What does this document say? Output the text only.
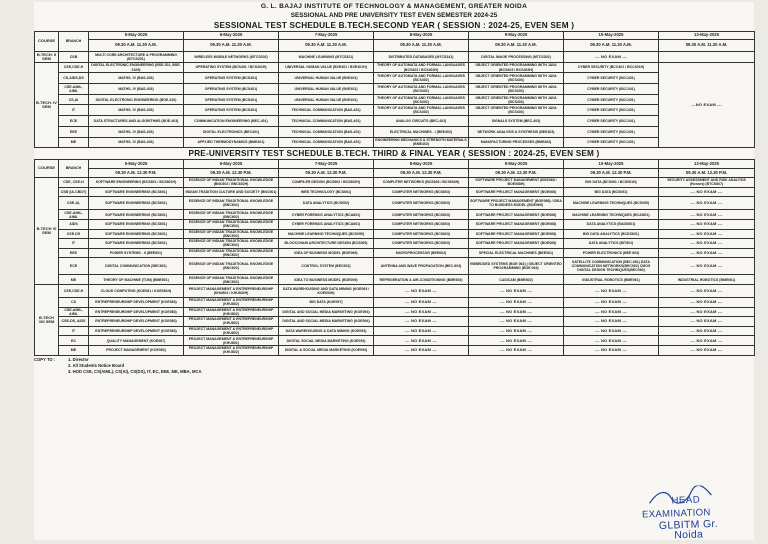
G. L. BAJAJ INSTITUTE OF TECHNOLOGY & MANAGEMENT, GREATER NOIDA
SESSIONAL AND PRE UNIVERSITY TEST EVEN SEMESTER 2024-25
SESSIONAL TEST SCHEDULE B.TECH.SECOND YEAR ( SESSION : 2024-25, EVEN SEM )
COURSE	BRANCH	5-May-2025	6-May-2025	7-May-2025	8-May-2025	9-May-2025	10-May-2025	13-May-2025
		09.30 A.M. 11.30 A.M.	09.30 A.M. 11.30 A.M.	09.30 A.M. 11.30 A.M.	09.30 A.M. 11.30 A.M.	09.30 A.M. 11.30 A.M.	09.30 A.M. 11.30 A.M.	09.30 A.M. 11.30 A.M.
B.TECH. II SEM	CSB	MULTI CORE ARCHITECTURE & PROGRAMMING (BTCS201)	WIRELESS MOBILE NETWORKS (MTCS202)	MACHINE LEARNING (MTCS321)	DISTRIBUTED DATABASES (MTCS341)	DIGITAL IMAGE PROCESSING (MTCS302)	--- NO EXAM ---	
B.TECH. IV SEM	CSE,CSE-H	DIGITAL ELECTRONIC ENGINEERING (BSE-201, BSE-2109)	OPERATING SYSTEM (BCS401 / BCS401H)	UNIVERSAL HUMAN VALUE (BVE401 / BVE401H)	THEORY OF AUTOMATA AND FORMAL LANGUAGES (BCS402 / BCS402H)	OBJECT ORIENTED PROGRAMMING WITH JAVA (BCS403 / BCS403H)	CYBER SECURITY (BCC401 / BCC401H)	---NO EXAM ---
	CS,AIDS,DS	MATHS- IV (BAS-403)	OPERATING SYSTEM (BCS401)	UNIVERSAL HUMAN VALUE (BVE401)	THEORY OF AUTOMATA AND FORMAL LANGUAGES (BCS402)	OBJECT ORIENTED PROGRAMMING WITH JAVA (BCS403)	CYBER SECURITY (BCC401)	
	CSE-AIML, AIML	MATHS- IV (BAS-403)	OPERATING SYSTEM (BCS401)	UNIVERSAL HUMAN VALUE (BVE401)	THEORY OF AUTOMATA AND FORMAL LANGUAGES (BCS402)	OBJECT ORIENTED PROGRAMMING WITH JAVA (BCS403)	CYBER SECURITY (BCC401)	
	CS,AI	DIGITAL ELECTRONIC ENGINEERING (BOE-310)	OPERATING SYSTEM (BCS401)	UNIVERSAL HUMAN VALUE (BVE401)	THEORY OF AUTOMATA AND FORMAL LANGUAGES (BCS402)	OBJECT ORIENTED PROGRAMMING WITH JAVA (BCS403)	CYBER SECURITY (BCC401)	
	IT	MATHS- IV (BAS-403)	OPERATING SYSTEM (BCS401)	TECHNICAL COMMUNICATION (BAS-401)	THEORY OF AUTOMATA AND FORMAL LANGUAGES (BCS402)	OBJECT ORIENTED PROGRAMMING WITH JAVA (BCS403)	CYBER SECURITY (BCC401)	
	ECE	DATA STRUCTURES AND ALGORITHMS (BOE-403)	COMMUNICATION ENGINEERING (BEC-401)	TECHNICAL COMMUNICATION (BAS-401)	ANALOG CIRCUITS (BEC-402)	SIGNALS SYSTEM (BEC-403)	CYBER SECURITY (BCC401)	
	EEE	MATHS- IV (BAS-403)	DIGITAL ELECTRONICS (BEC401)	TECHNICAL COMMUNICATION (BAS-401)	ELECTRICAL MACHINES - I (BEE402)	NETWORK ANALYSIS & SYNTHESIS (BEE403)	CYBER SECURITY (BCC401)	
	ME	MATHS- IV (BAS-403)	APPLIED THERMODYNAMICS (BME401)	TECHNICAL COMMUNICATION (BAS-401)	ENGINEERING MECHANICS & STRENGTH MATERIALS (BME402)	MANUFACTURING PROCESSES (BME403)	CYBER SECURITY (BCC401)	
PRE-UNIVERSITY TEST SCHEDULE B.TECH. THIRD & FINAL YEAR ( SESSION : 2024-25, EVEN SEM )
COURSE	BRANCH	5-May-2025	6-May-2025	7-May-2025	8-May-2025	9-May-2025	10-May-2025	13-May-2025
		09.30 A.M. 12.30 P.M.	09.30 A.M. 12.30 P.M.	09.30 A.M. 12.30 P.M.	09.30 A.M. 12.30 P.M.	09.30 A.M. 12.30 P.M.	09.30 A.M. 12.30 P.M.	09.30 A.M. 12.30 P.M.
B.TECH VI SEM	CSE, CSE-H	SOFTWARE ENGINEERING (BCS601 / BCS601H)	ESSENCE OF INDIAN TRADITIONAL KNOWLEDGE (BNC602 / BNC602H)	COMPILER DESIGN (BCS602 / BCS602H)	COMPUTER NETWORKS (BCS603 / BCS603H)	SOFTWARE PROJECT MANAGEMENT (BOE068 / BOE068H)	BIG DATA (BCS061 / BCS061H)	SECURITY ASSESSMENT AND RISK ANALYSIS (Honors) (BTCS607)
	CSB (IA-CBDT)	SOFTWARE ENGINEERING (BCS601)	INDIAN TRADITION CULTURE AND SOCIETY (BNC601)	WEB TECHNOLOGY (BCS601)	COMPUTER NETWORKS (BCS603)	SOFTWARE PROJECT MANAGEMENT (BOE068)	BIG DATA (BCS061)	--- NO EXAM ---
	CSE-AI,	SOFTWARE ENGINEERING (BCS601)	ESSENCE OF INDIAN TRADITIONAL KNOWLEDGE (BNC602)	DATA ANALYTICS (BCS052)	COMPUTER NETWORKS (BCS603)	SOFTWARE PROJECT MANAGEMENT (BOE068) / IDEA TO BUSINESS MODEL (BOE069)	MACHINE LEARNING TECHNIQUES (BCS055)	--- NO EXAM ---
	CSE-AIML, AIML	SOFTWARE ENGINEERING (BCS601)	ESSENCE OF INDIAN TRADITIONAL KNOWLEDGE (BNC602)	CYBER FORENSIC ANALYTICS (BCA601)	COMPUTER NETWORKS (BCS603)	SOFTWARE PROJECT MANAGEMENT (BOE068)	MACHINE LEARNING TECHNIQUES (BCAI601)	--- NO EXAM ---
	AIDS	SOFTWARE ENGINEERING (BCS601)	ESSENCE OF INDIAN TRADITIONAL KNOWLEDGE (BNC602)	CYBER FORENSIC ANALYTICS (BCA601)	COMPUTER NETWORKS (BCS603)	SOFTWARE PROJECT MANAGEMENT (BOE068)	DATA ANALYTICS (BADS601)	--- NO EXAM ---
	CSE-DS	SOFTWARE ENGINEERING (BCS601)	ESSENCE OF INDIAN TRADITIONAL KNOWLEDGE (BNC602)	MACHINE LEARNING TECHNIQUES (BCS055)	COMPUTER NETWORKS (BCS603)	SOFTWARE PROJECT MANAGEMENT (BOE068)	BIG DATA ANALYTICS (BCDS601)	--- NO EXAM ---
	IT	SOFTWARE ENGINEERING (BCS601)	ESSENCE OF INDIAN TRADITIONAL KNOWLEDGE (BNC602)	BLOCKCHAIN ARCHITECTURE DESIGN (BCS065)	COMPUTER NETWORKS (BCS603)	SOFTWARE PROJECT MANAGEMENT (BOE068)	DATA ANALYTICS (BIT601)	--- NO EXAM ---
	EEE	POWER SYSTEMS - II (BEE601)	ESSENCE OF INDIAN TRADITIONAL KNOWLEDGE (BNC602)	IDEA OF BUSINESS MODEL (BOE069)	MICROPROCESSOR (BEE602)	SPECIAL ELECTRICAL MACHINES (BEE061)	POWER ELECTRONICS (BEE 603)	--- NO EXAM ---
	ECE	DIGITAL COMMUNICATION (BEC601)	ESSENCE OF INDIAN TRADITIONAL KNOWLEDGE (BNC602)	CONTROL SYSTEM (BEC602)	ANTENNA AND WAVE PROPAGATION (BEC-603)	EMBEDDED SYSTEMS (BOE 062) | OBJECT ORIENTED PROGRAMMING (BOE 064)	SATELLITE COMMUNICATION (BEC-061) DATA COMMUNICATION NETWORKS(BEC062) CMOS DIGITAL DESIGN TECHNIQUES(BEC063)	--- NO EXAM ---
	ME	THEORY OF MACHINE (TOM) (BME601)	ESSENCE OF INDIAN TRADITIONAL KNOWLEDGE (BNC602)	IDEA TO BUSINESS MODEL (BOE069)	REFRIGERATION & AIR-CONDITIONING (BME603)	CAD/CAM (BME602)	INDUSTRIAL ROBOTICS (BME061)	INDUSTRIAL ROBOTICS (BME061)
B.TECH VIII SEM	CSE,CSE-H	CLOUD COMPUTING (KOE081 / KOE081H)	PROJECT MANAGEMENT & ENTREPRENEURSHIP (KHU802 / KHU802H)	DATA WAREHOUSING AND DATA MINING (KOE093 / KOE093H)	--- NO EXAM ---	--- NO EXAM ---	--- NO EXAM ---	--- NO EXAM ---
	CS	ENTREPRENEURSHIP DEVELOPMENT (KOE083)	PROJECT MANAGEMENT & ENTREPRENEURSHIP (KHU802)	BIG DATA (KOE097)	--- NO EXAM ---	--- NO EXAM ---	--- NO EXAM ---	--- NO EXAM ---
	CSE-AIML, AIML	ENTREPRENEURSHIP DEVELOPMENT (KOE083)	PROJECT MANAGEMENT & ENTREPRENEURSHIP (KHU802)	DIGITAL AND SOCIAL MEDIA MARKETING (KOE094)	--- NO EXAM ---	--- NO EXAM ---	--- NO EXAM ---	--- NO EXAM ---
	CSE-DS, AIDS	ENTREPRENEURSHIP DEVELOPMENT (KOE083)	PROJECT MANAGEMENT & ENTREPRENEURSHIP (KHU802)	DIGITAL AND SOCIAL MEDIA MARKETING (KOE094)	--- NO EXAM ---	--- NO EXAM ---	--- NO EXAM ---	--- NO EXAM ---
	IT	ENTREPRENEURSHIP DEVELOPMENT (KOE083)	PROJECT MANAGEMENT & ENTREPRENEURSHIP (KHU802)	DATA WAREHOUSING & DATA MINING (KOE093)	--- NO EXAM ---	--- NO EXAM ---	--- NO EXAM ---	--- NO EXAM ---
	EC	QUALITY MANAGEMENT (KOE087)	PROJECT MANAGEMENT & ENTREPRENEURSHIP (KHU802)	DIGITAL SOCIAL MEDIA MARKETING (KOE094)	--- NO EXAM ---	--- NO EXAM ---	--- NO EXAM ---	--- NO EXAM ---
	ME	PROJECT MANAGEMENT (KOE082)	PROJECT MANAGEMENT & ENTREPRENEURSHIP (KHU802)	DIGITAL & SOCIAL MEDIA MARKETING (KOE094)	--- NO EXAM ---	--- NO EXAM ---	--- NO EXAM ---	--- NO EXAM ---
COPY TO :	1. Director
2. All Students Notice Board
3. HOD CSE, CS(AIML), CS(AI), CS(DS), IT, EC, EEE, ME, MBA, MCA
HEAD
EXAMINATION
GLBITM Gr. Noida
